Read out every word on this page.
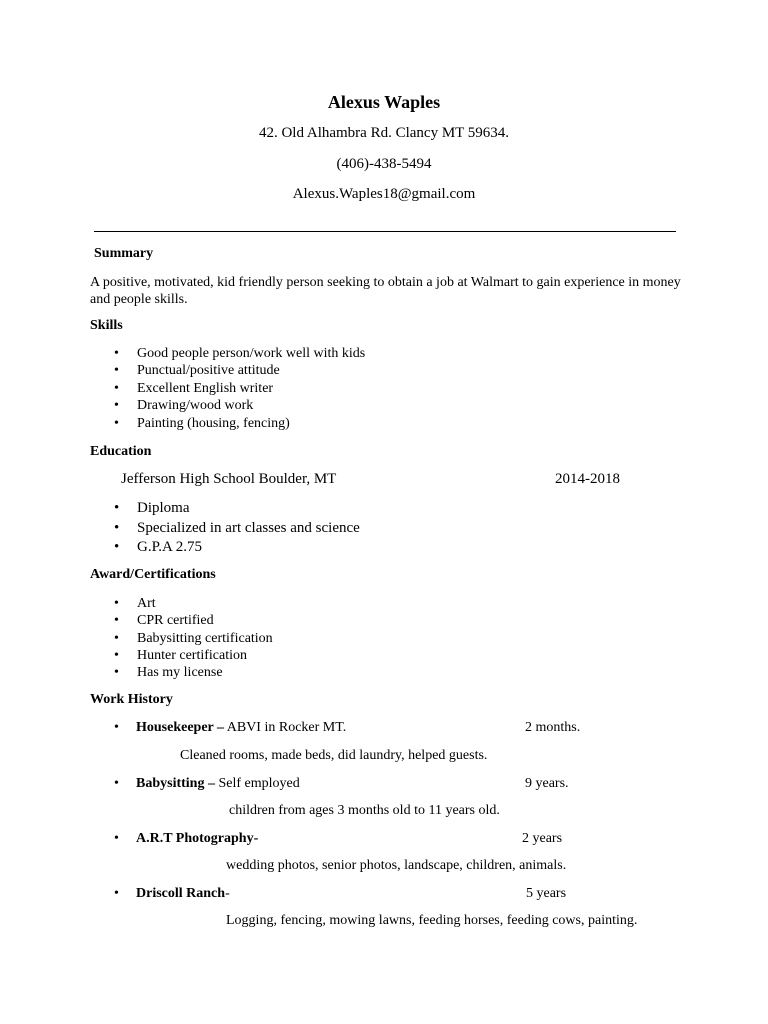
Alexus Waples
42. Old Alhambra Rd. Clancy MT 59634.
(406)-438-5494
Alexus.Waples18@gmail.com
Summary
A positive, motivated, kid friendly person seeking to obtain a job at Walmart to gain experience in money and people skills.
Skills
• Good people person/work well with kids
• Punctual/positive attitude
• Excellent English writer
• Drawing/wood work
• Painting (housing, fencing)
Education
Jefferson High School Boulder, MT	2014-2018
• Diploma
• Specialized in art classes and science
• G.P.A 2.75
Award/Certifications
• Art
• CPR certified
• Babysitting certification
• Hunter certification
• Has my license
Work History
• Housekeeper – ABVI in Rocker MT.	2 months.
Cleaned rooms, made beds, did laundry, helped guests.
• Babysitting – Self employed	9 years.
children from ages 3 months old to 11 years old.
• A.R.T Photography-	2 years
wedding photos, senior photos, landscape, children, animals.
• Driscoll Ranch-	5 years
Logging, fencing, mowing lawns, feeding horses, feeding cows, painting.
